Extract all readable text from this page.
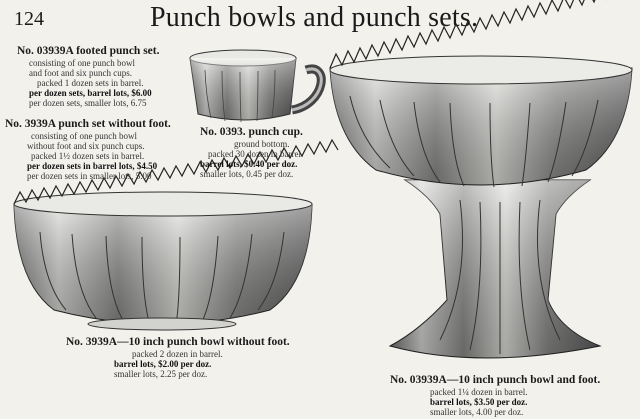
124	Punch bowls and punch sets.
No. 03939A footed punch set.
consisting of one punch bowl
and foot and six punch cups.
packed 1 dozen sets in barrel.
per dozen sets, barrel lots, $6.00
per dozen sets, smaller lots, 6.75
No. 3939A punch set without foot.
consisting of one punch bowl
without foot and six punch cups.
packed 1½ dozen sets in barrel.
per dozen sets in barrel lots, $4.50
per dozen sets in smaller lots, 5.00
No. 0393. punch cup.
ground bottom.
packed 30 dozen in barrel.
barrel lots, $0.40 per doz.
smaller lots, 0.45 per doz.
No. 3939A—10 inch punch bowl without foot.
packed 2 dozen in barrel.
barrel lots, $2.00 per doz.
smaller lots, 2.25 per doz.	No. 03939A—10 inch punch bowl and foot.
packed 1¼ dozen in barrel.
barrel lots, $3.50 per doz.
smaller lots, 4.00 per doz.
